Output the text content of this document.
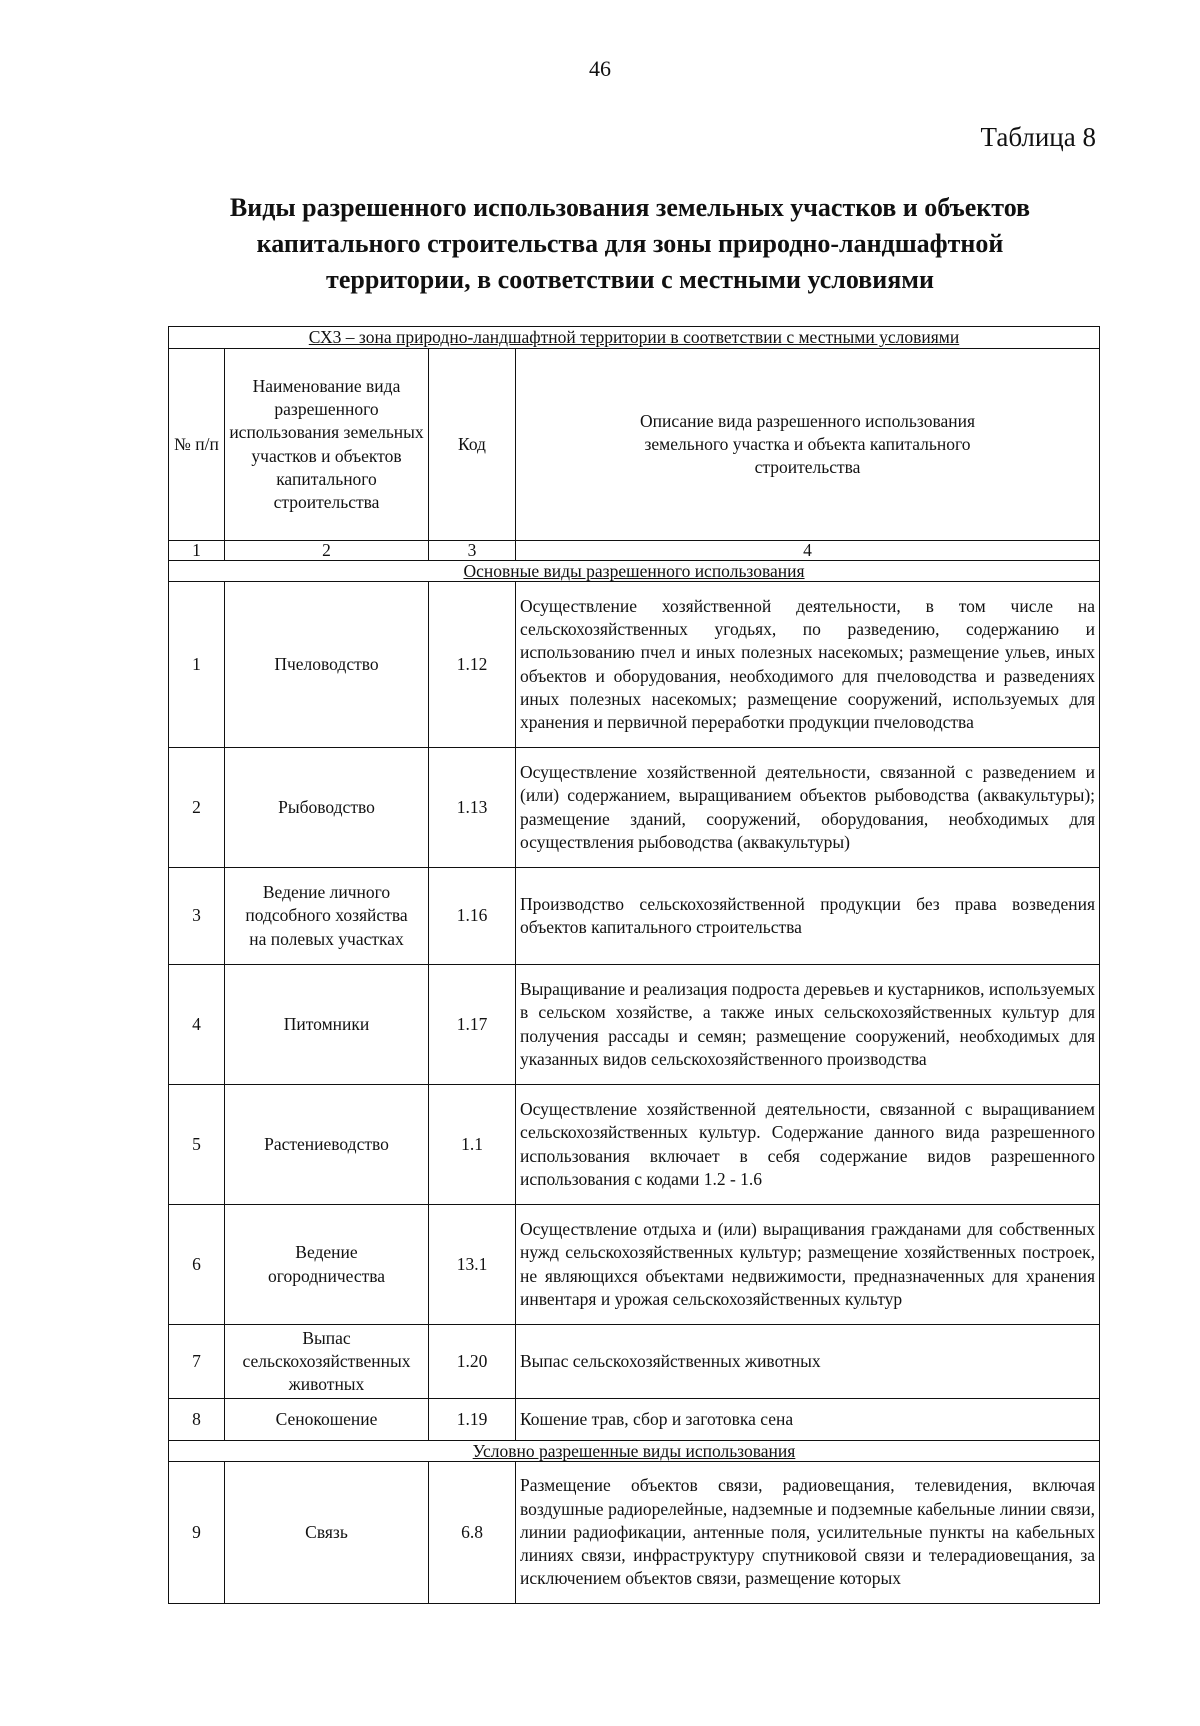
46
Таблица 8
Виды разрешенного использования земельных участков и объектов
капитального строительства для зоны природно-ландшафтной
территории, в соответствии с местными условиями
СХ3 – зона природно-ландшафтной территории в соответствии с местными условиями			
№ п/п	Наименование вида разрешенного использования земельных участков и объектов капитального строительства	Код	Описание вида разрешенного использования земельного участка и объекта капитального строительства
1	2	3	4
Основные виды разрешенного использования			
1	Пчеловодство	1.12	Осуществление хозяйственной деятельности, в том числе на сельскохозяйственных угодьях, по разведению, содержанию и использованию пчел и иных полезных насекомых; размещение ульев, иных объектов и оборудования, необходимого для пчеловодства и разведениях иных полезных насекомых; размещение сооружений, используемых для хранения и первичной переработки продукции пчеловодства
2	Рыбоводство	1.13	Осуществление хозяйственной деятельности, связанной с разведением и (или) содержанием, выращиванием объектов рыбоводства (аквакультуры); размещение зданий, сооружений, оборудования, необходимых для осуществления рыбоводства (аквакультуры)
3	Ведение личного подсобного хозяйства на полевых участках	1.16	Производство сельскохозяйственной продукции без права возведения объектов капитального строительства
4	Питомники	1.17	Выращивание и реализация подроста деревьев и кустарников, используемых в сельском хозяйстве, а также иных сельскохозяйственных культур для получения рассады и семян; размещение сооружений, необходимых для указанных видов сельскохозяйственного производства
5	Растениеводство	1.1	Осуществление хозяйственной деятельности, связанной с выращиванием сельскохозяйственных культур. Содержание данного вида разрешенного использования включает в себя содержание видов разрешенного использования с кодами 1.2 - 1.6
6	Ведение огородничества	13.1	Осуществление отдыха и (или) выращивания гражданами для собственных нужд сельскохозяйственных культур; размещение хозяйственных построек, не являющихся объектами недвижимости, предназначенных для хранения инвентаря и урожая сельскохозяйственных культур
7	Выпас сельскохозяйственных животных	1.20	Выпас сельскохозяйственных животных
8	Сенокошение	1.19	Кошение трав, сбор и заготовка сена
Условно разрешенные виды использования			
9	Связь	6.8	Размещение объектов связи, радиовещания, телевидения, включая воздушные радиорелейные, надземные и подземные кабельные линии связи, линии радиофикации, антенные поля, усилительные пункты на кабельных линиях связи, инфраструктуру спутниковой связи и телерадиовещания, за исключением объектов связи, размещение которых
